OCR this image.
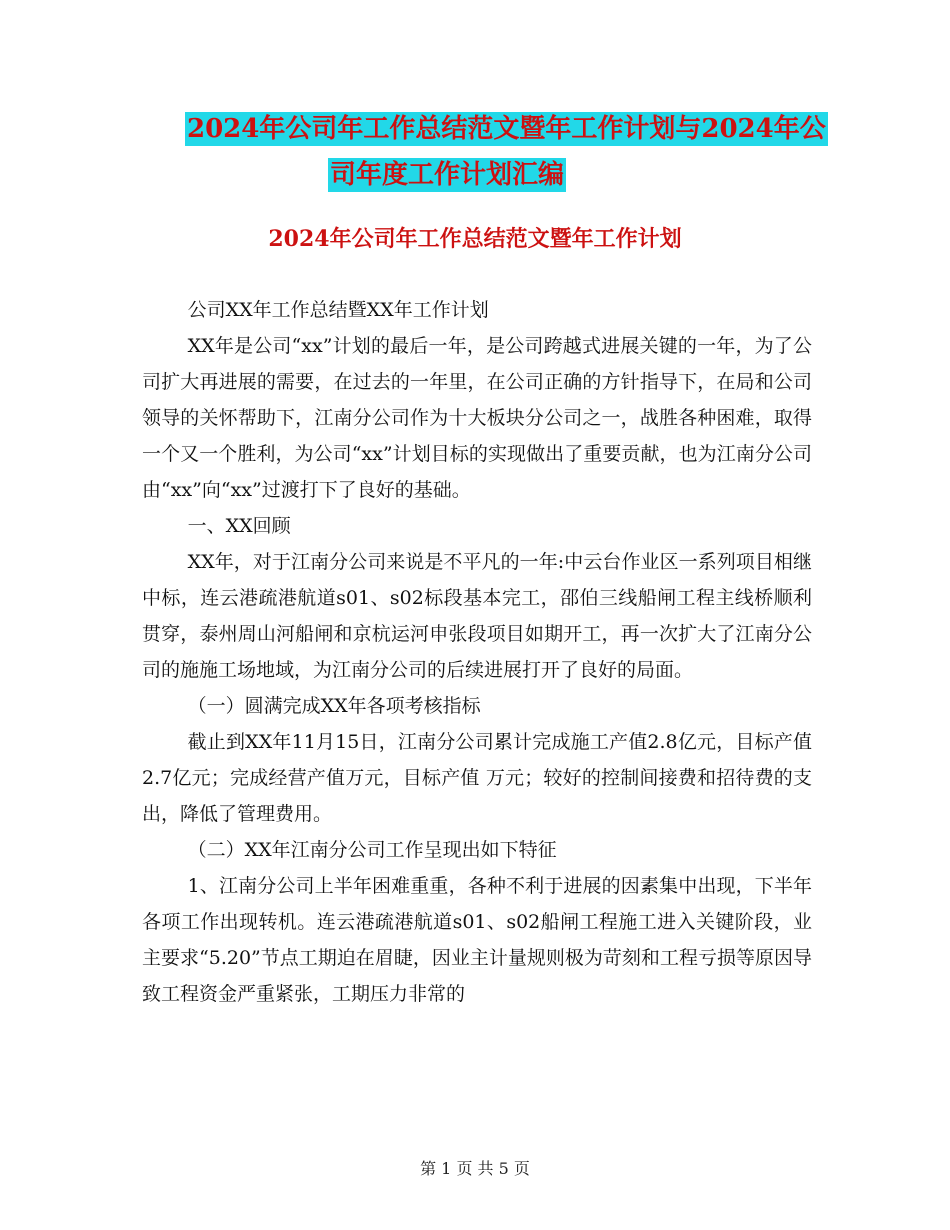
2024年公司年工作总结范文暨年工作计划与2024年公
司年度工作计划汇编
2024年公司年工作总结范文暨年工作计划

公司XX年工作总结暨XX年工作计划

XX年是公司“xx”计划的最后一年，是公司跨越式进展关键的一年，为了公司扩大再进展的需要，在过去的一年里，在公司正确的方针指导下，在局和公司领导的关怀帮助下，江南分公司作为十大板块分公司之一，战胜各种困难，取得一个又一个胜利，为公司“xx”计划目标的实现做出了重要贡献，也为江南分公司由“xx”向“xx”过渡打下了良好的基础。

一、XX回顾

XX年，对于江南分公司来说是不平凡的一年:中云台作业区一系列项目相继中标，连云港疏港航道s01、s02标段基本完工，邵伯三线船闸工程主线桥顺利贯穿，泰州周山河船闸和京杭运河申张段项目如期开工，再一次扩大了江南分公司的施施工场地域，为江南分公司的后续进展打开了良好的局面。

（一）圆满完成XX年各项考核指标

截止到XX年11月15日，江南分公司累计完成施工产值2.8亿元，目标产值2.7亿元；完成经营产值万元，目标产值 万元；较好的控制间接费和招待费的支出，降低了管理费用。

（二）XX年江南分公司工作呈现出如下特征

1、江南分公司上半年困难重重，各种不利于进展的因素集中出现，下半年各项工作出现转机。连云港疏港航道s01、s02船闸工程施工进入关键阶段，业主要求“5.20”节点工期迫在眉睫，因业主计量规则极为苛刻和工程亏损等原因导致工程资金严重紧张，工期压力非常的

第 1 页 共 5 页
